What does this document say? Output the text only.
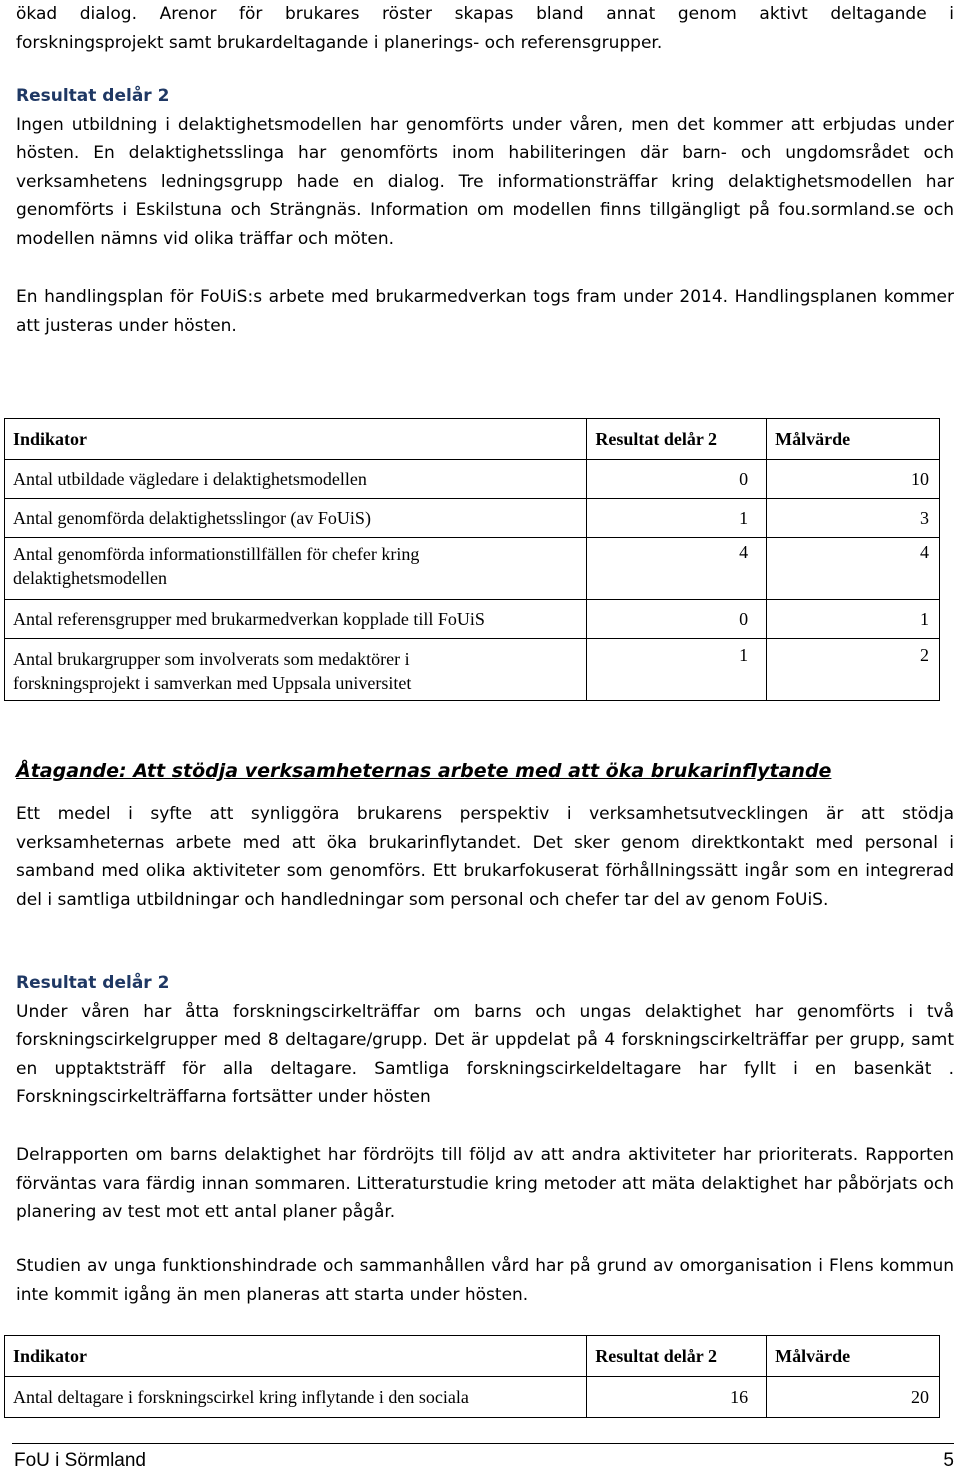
ökad dialog. Arenor för brukares röster skapas bland annat genom aktivt deltagande i

forskningsprojekt samt brukardeltagande i planerings- och referensgrupper.

Resultat delår 2

Ingen utbildning i delaktighetsmodellen har genomförts under våren, men det kommer att erbjudas under hösten. En delaktighetsslinga har genomförts inom habiliteringen där barn- och ungdomsrådet och verksamhetens ledningsgrupp hade en dialog. Tre informationsträffar kring delaktighetsmodellen har genomförts i Eskilstuna och Strängnäs. Information om modellen finns tillgängligt på fou.sormland.se och modellen nämns vid olika träffar och möten.

En handlingsplan för FoUiS:s arbete med brukarmedverkan togs fram under 2014. Handlingsplanen kommer att justeras under hösten.

Indikator	Resultat delår 2	Målvärde
Antal utbildade vägledare i delaktighetsmodellen	0	10
Antal genomförda delaktighetsslingor (av FoUiS)	1	3
Antal genomförda informationstillfällen för chefer kring delaktighetsmodellen	4	4
Antal referensgrupper med brukarmedverkan kopplade till FoUiS	0	1
Antal brukargrupper som involverats som medaktörer i forskningsprojekt i samverkan med Uppsala universitet	1	2

Åtagande: Att stödja verksamheternas arbete med att öka brukarinflytande

Ett medel i syfte att synliggöra brukarens perspektiv i verksamhetsutvecklingen är att stödja verksamheternas arbete med att öka brukarinflytandet. Det sker genom direktkontakt med personal i samband med olika aktiviteter som genomförs. Ett brukarfokuserat förhållningssätt ingår som en integrerad del i samtliga utbildningar och handledningar som personal och chefer tar del av genom FoUiS.

Resultat delår 2

Under våren har åtta forskningscirkelträffar om barns och ungas delaktighet har genomförts i två forskningscirkelgrupper med 8 deltagare/grupp. Det är uppdelat på 4 forskningscirkelträffar per grupp, samt en upptaktsträff för alla deltagare. Samtliga forskningscirkeldeltagare har fyllt i en basenkät . Forskningscirkelträffarna fortsätter under hösten

Delrapporten om barns delaktighet har fördröjts till följd av att andra aktiviteter har prioriterats. Rapporten förväntas vara färdig innan sommaren. Litteraturstudie kring metoder att mäta delaktighet har påbörjats och planering av test mot ett antal planer pågår.

Studien av unga funktionshindrade och sammanhållen vård har på grund av omorganisation i Flens kommun inte kommit igång än men planeras att starta under hösten.

Indikator	Resultat delår 2	Målvärde
Antal deltagare i forskningscirkel kring inflytande i den sociala	16	20
FoU i Sörmland	5
